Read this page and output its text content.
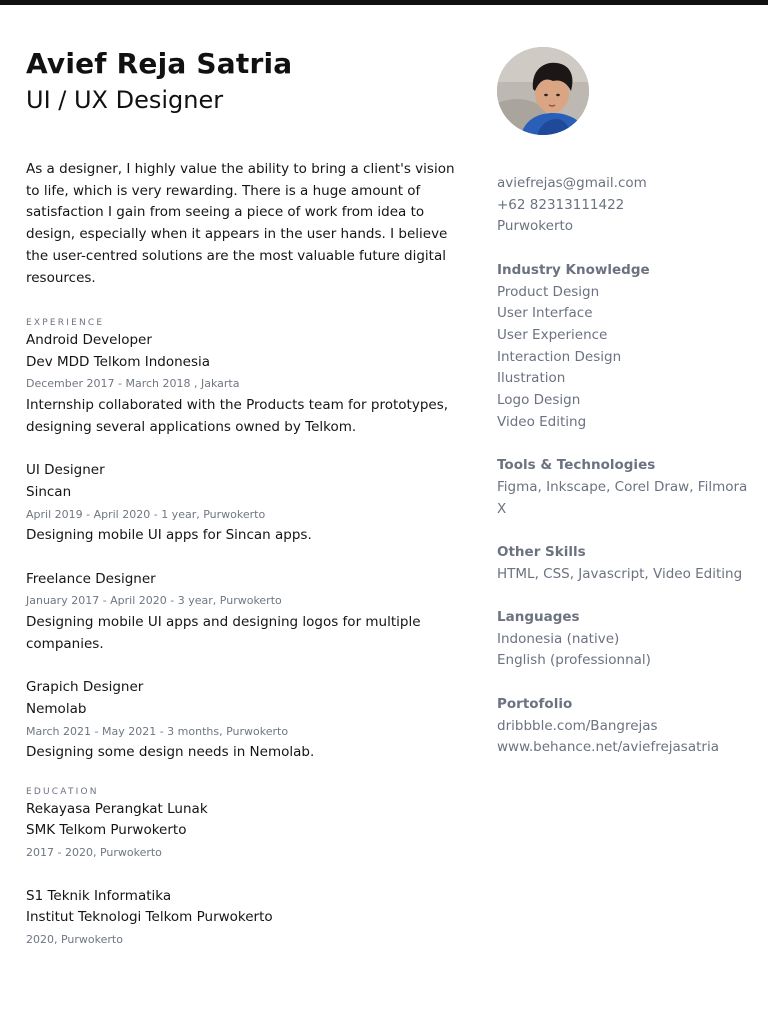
Avief Reja Satria
UI / UX Designer

As a designer, I highly value the ability to bring a client's vision to life, which is very rewarding. There is a huge amount of satisfaction I gain from seeing a piece of work from idea to design, especially when it appears in the user hands. I believe the user-centred solutions are the most valuable future digital resources.

EXPERIENCE

Android Developer

Dev MDD Telkom Indonesia

December 2017 - March 2018 , Jakarta

Internship collaborated with the Products team for prototypes, designing several applications owned by Telkom.

UI Designer

Sincan

April 2019 - April 2020 - 1 year, Purwokerto

Designing mobile UI apps for Sincan apps.

Freelance Designer

January 2017 - April 2020 - 3 year, Purwokerto

Designing mobile UI apps and designing logos for multiple companies.

Grapich Designer

Nemolab

March 2021 - May 2021 - 3 months, Purwokerto

Designing some design needs in Nemolab.

EDUCATION

Rekayasa Perangkat Lunak

SMK Telkom Purwokerto

2017 - 2020, Purwokerto

S1 Teknik Informatika

Institut Teknologi Telkom Purwokerto

2020, Purwokerto

aviefrejas@gmail.com

+62 82313111422

Purwokerto

Industry Knowledge

Product Design

User Interface

User Experience

Interaction Design

Ilustration

Logo Design

Video Editing

Tools & Technologies

Figma, Inkscape, Corel Draw, Filmora X

Other Skills

HTML, CSS, Javascript, Video Editing

Languages

Indonesia (native)

English (professionnal)

Portofolio

dribbble.com/Bangrejas

www.behance.net/aviefrejasatria
